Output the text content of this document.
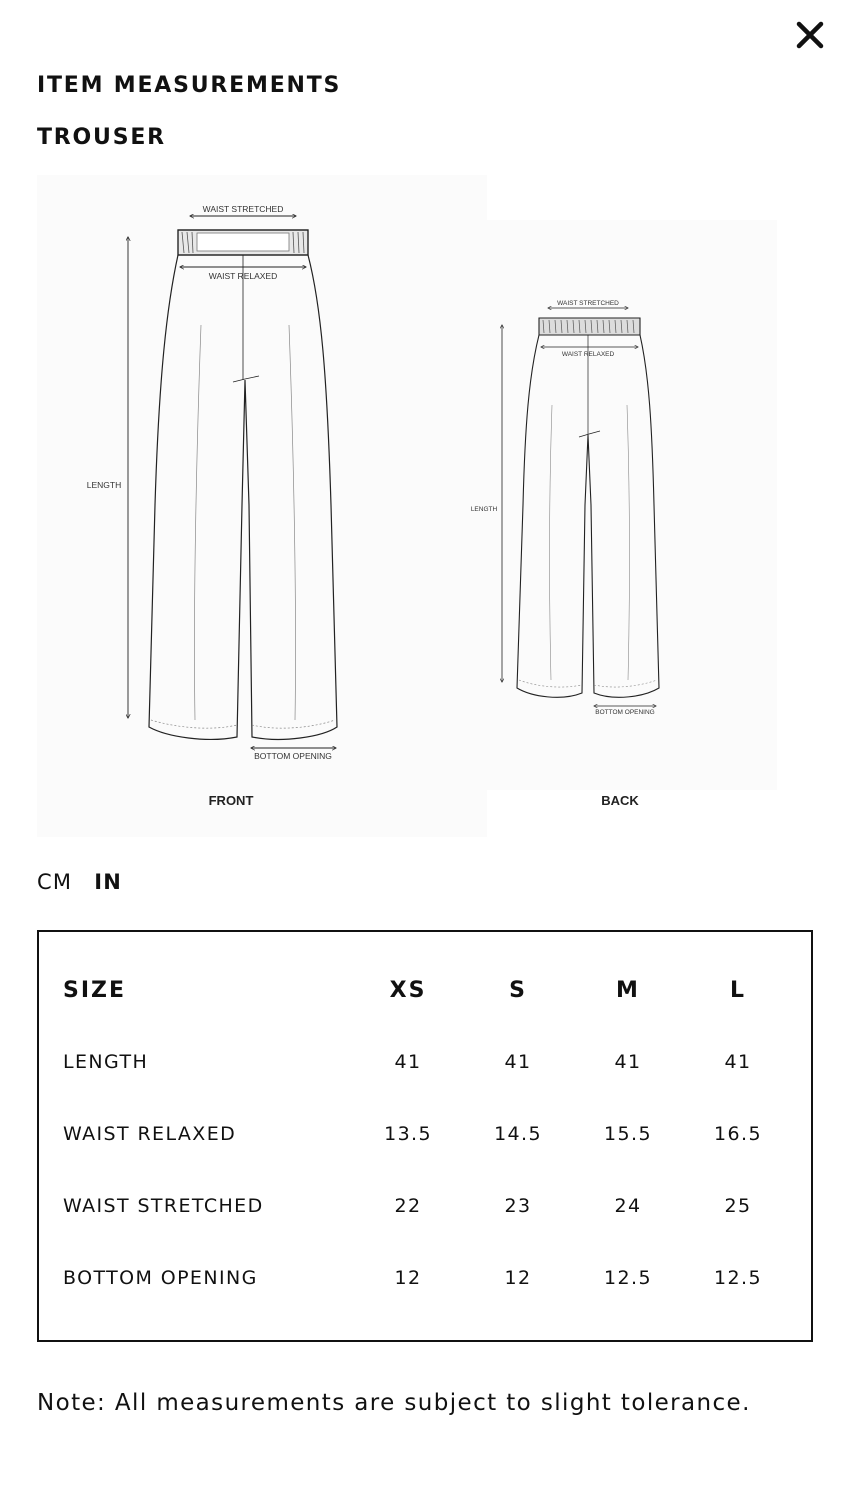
ITEM MEASUREMENTS
TROUSER
WAIST STRETCHED
WAIST RELAXED
LENGTH
BOTTOM OPENING
FRONT
WAIST STRETCHED
WAIST RELAXED
LENGTH
BOTTOM OPENING
BACK
CM IN
SIZE	XS	S	M	L
LENGTH	41	41	41	41
WAIST RELAXED	13.5	14.5	15.5	16.5
WAIST STRETCHED	22	23	24	25
BOTTOM OPENING	12	12	12.5	12.5

Note: All measurements are subject to slight tolerance.
